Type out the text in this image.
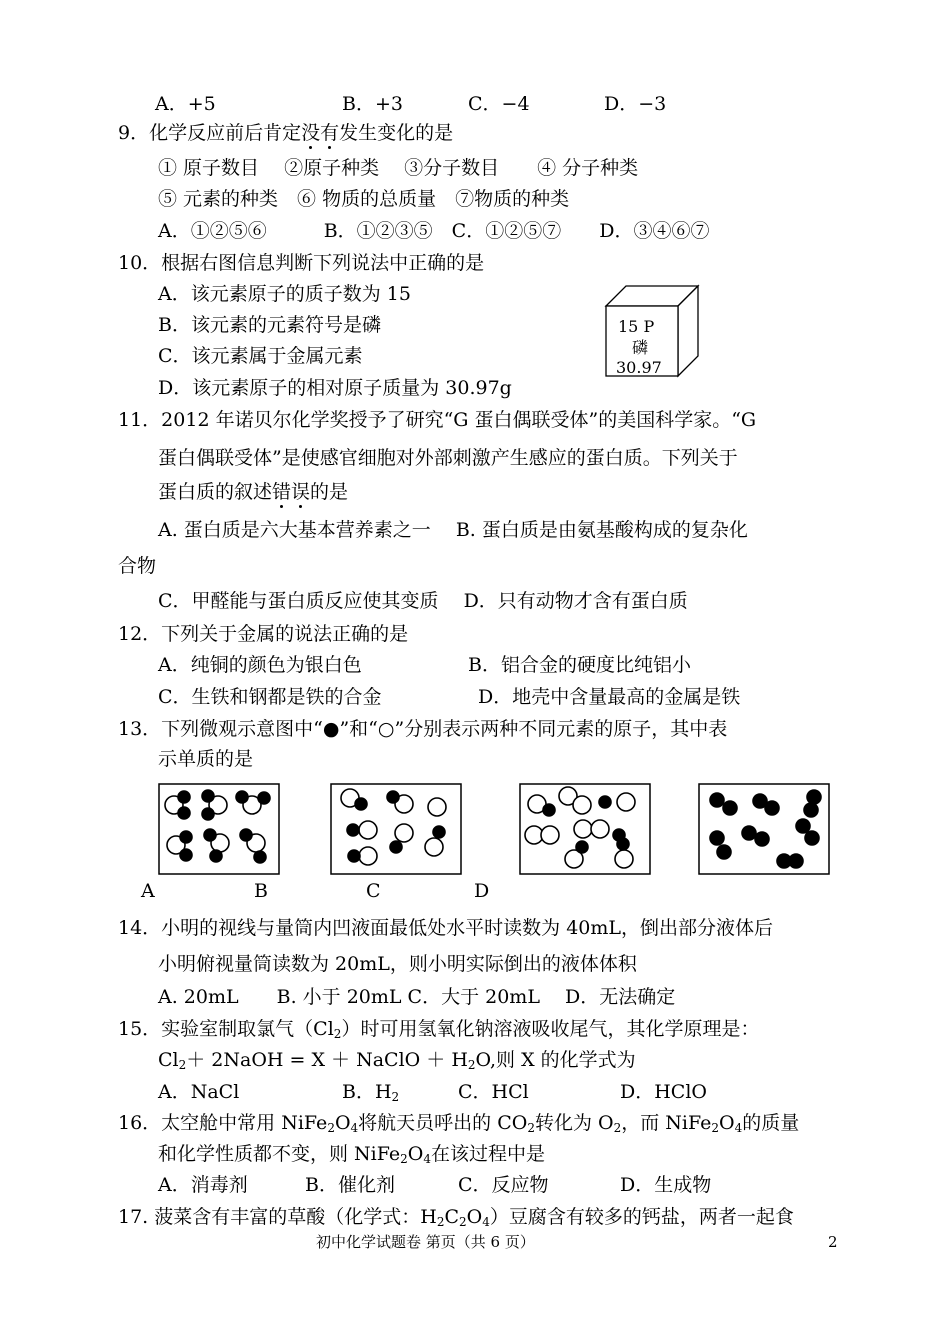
A．+5	B．+3	C．−4	D．−3
9．化学反应前后肯定没有发生变化的是
① 原子数目　 ②原子种类　 ③分子数目　　④ 分子种类
⑤ 元素的种类　⑥ 物质的总质量　⑦物质的种类
A．①②⑤⑥　　　B．①②③⑤　C．①②⑤⑦　　D．③④⑥⑦
10．根据右图信息判断下列说法中正确的是
A．该元素原子的质子数为 15
B．该元素的元素符号是磷
C．该元素属于金属元素
D．该元素原子的相对原子质量为 30.97g
15 P
磷
30.97
11．2012 年诺贝尔化学奖授予了研究“G 蛋白偶联受体”的美国科学家。“G
蛋白偶联受体”是使感官细胞对外部刺激产生感应的蛋白质。下列关于
蛋白质的叙述错误的是
A. 蛋白质是六大基本营养素之一　 B. 蛋白质是由氨基酸构成的复杂化
合物
C．甲醛能与蛋白质反应使其变质　 D．只有动物才含有蛋白质
12．下列关于金属的说法正确的是
A．纯铜的颜色为银白色	B．铝合金的硬度比纯铝小
C．生铁和钢都是铁的合金	D．地壳中含量最高的金属是铁
13．下列微观示意图中“●”和“○”分别表示两种不同元素的原子，其中表
示单质的是
A	B	C	D
14．小明的视线与量筒内凹液面最低处水平时读数为 40mL，倒出部分液体后
小明俯视量筒读数为 20mL，则小明实际倒出的液体体积
A. 20mL　　B. 小于 20mL C．大于 20mL　 D．无法确定
15．实验室制取氯气$(Cl_2)$时可用氢氧化钠溶液吸收尾气，其化学原理是：
$Cl_2+$ 2NaOH = X ＋ NaClO ＋ $H_2O$,则 X 的化学式为
A．NaCl	B．$H_2$	C．HCl	D．HClO
16．太空舱中常用 $NiFe_2O_4$将航天员呼出的 $CO_2$转化为 $O_2$，而 $NiFe_2O_4$的质量
和化学性质都不变，则 $NiFe_2O_4$在该过程中是
A．消毒剂	B．催化剂	C．反应物	D．生成物
17. 菠菜含有丰富的草酸（化学式：$H_2C_2O_4$）豆腐含有较多的钙盐，两者一起食
初中化学试题卷 第页（共 6 页）	2
